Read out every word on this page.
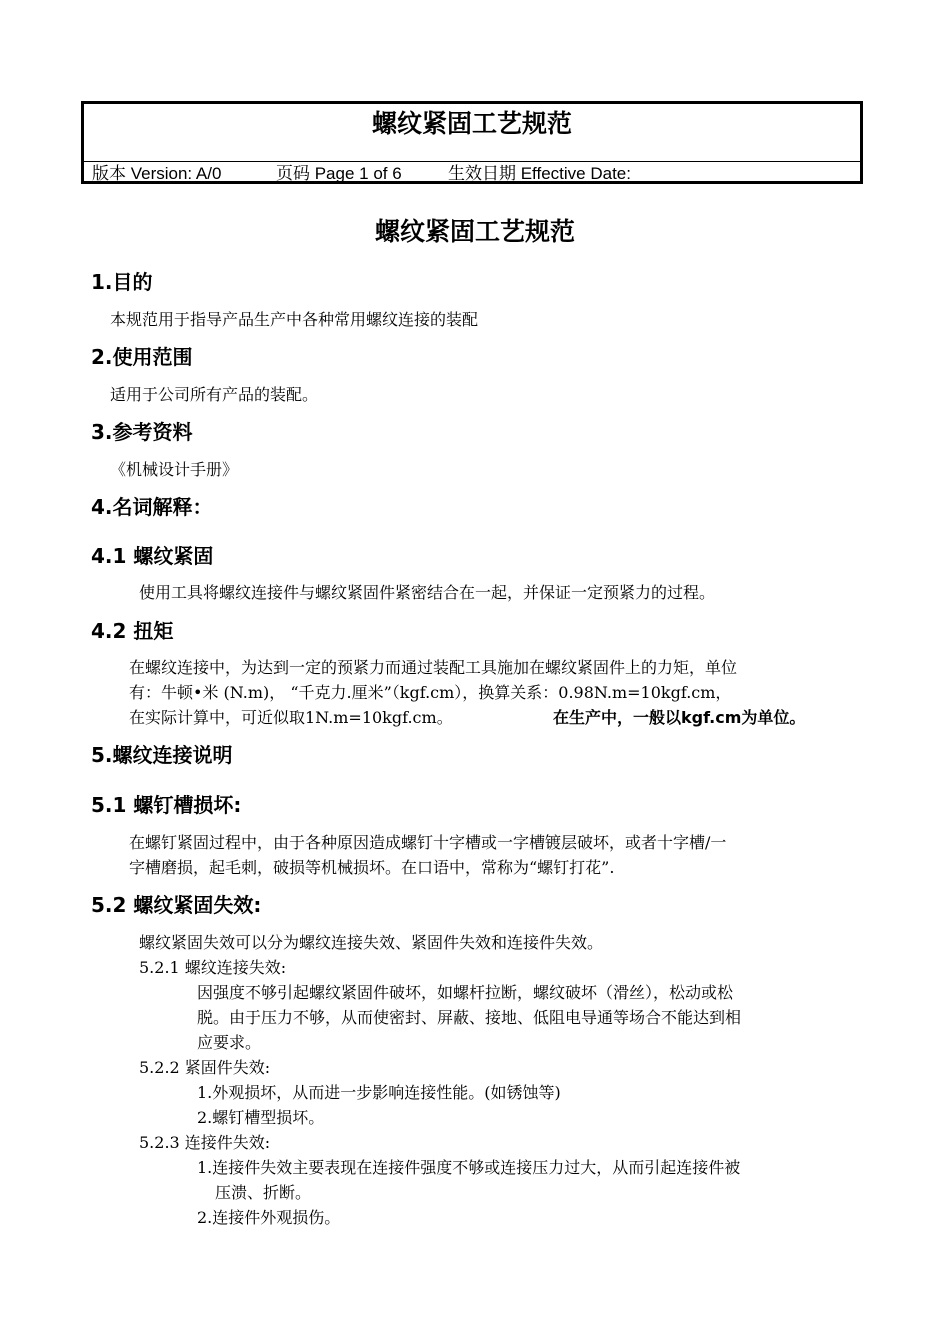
螺纹紧固工艺规范
版本 Version: A/0	页码 Page 1 of 6	生效日期 Effective Date:
螺纹紧固工艺规范
1.目的
本规范用于指导产品生产中各种常用螺纹连接的装配
2.使用范围
适用于公司所有产品的装配。
3.参考资料
《机械设计手册》
4.名词解释：
4.1 螺纹紧固
使用工具将螺纹连接件与螺纹紧固件紧密结合在一起，并保证一定预紧力的过程。
4.2 扭矩
在螺纹连接中，为达到一定的预紧力而通过装配工具施加在螺纹紧固件上的力矩，单位
有：牛顿•米 (N.m)， “千克力.厘米”（kgf.cm），换算关系：0.98N.m=10kgf.cm，
在实际计算中，可近似取1N.m=10kgf.cm。	在生产中，一般以kgf.cm为单位。
5.螺纹连接说明
5.1 螺钉槽损坏:
在螺钉紧固过程中，由于各种原因造成螺钉十字槽或一字槽镀层破坏，或者十字槽/一
字槽磨损，起毛刺，破损等机械损坏。在口语中，常称为“螺钉打花”.
5.2 螺纹紧固失效:
螺纹紧固失效可以分为螺纹连接失效、紧固件失效和连接件失效。
5.2.1 螺纹连接失效:
因强度不够引起螺纹紧固件破坏，如螺杆拉断，螺纹破坏（滑丝），松动或松
脱。由于压力不够，从而使密封、屏蔽、接地、低阻电导通等场合不能达到相
应要求。
5.2.2 紧固件失效:
1.外观损坏，从而进一步影响连接性能。(如锈蚀等)
2.螺钉槽型损坏。
5.2.3 连接件失效:
1.连接件失效主要表现在连接件强度不够或连接压力过大，从而引起连接件被
压溃、折断。
2.连接件外观损伤。
